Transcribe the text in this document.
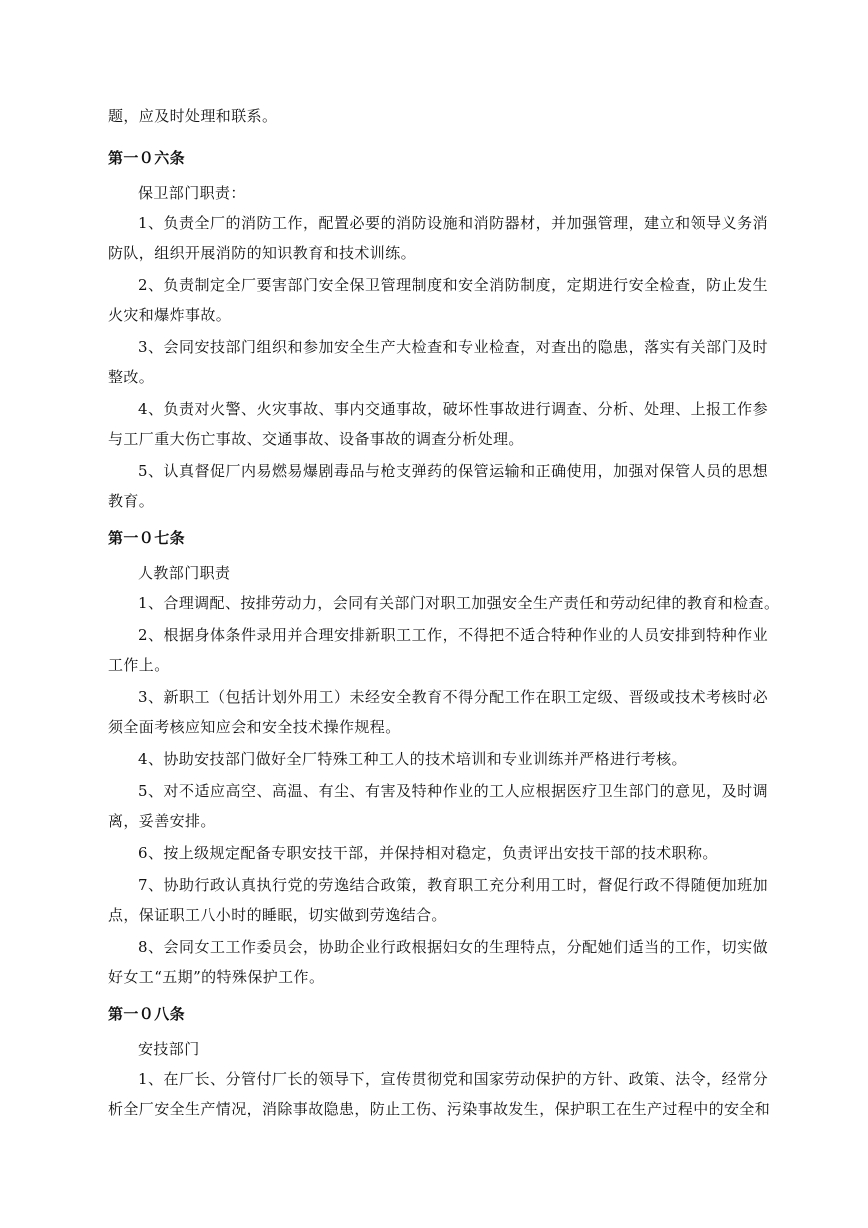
题，应及时处理和联系。
第一０六条
保卫部门职责：
1、负责全厂的消防工作，配置必要的消防设施和消防器材，并加强管理，建立和领导义务消
防队，组织开展消防的知识教育和技术训练。
2、负责制定全厂要害部门安全保卫管理制度和安全消防制度，定期进行安全检查，防止发生
火灾和爆炸事故。
3、会同安技部门组织和参加安全生产大检查和专业检查，对查出的隐患，落实有关部门及时
整改。
4、负责对火警、火灾事故、事内交通事故，破坏性事故进行调查、分析、处理、上报工作参
与工厂重大伤亡事故、交通事故、设备事故的调查分析处理。
5、认真督促厂内易燃易爆剧毒品与枪支弹药的保管运输和正确使用，加强对保管人员的思想
教育。
第一０七条
人教部门职责
1、合理调配、按排劳动力，会同有关部门对职工加强安全生产责任和劳动纪律的教育和检查。
2、根据身体条件录用并合理安排新职工工作，不得把不适合特种作业的人员安排到特种作业
工作上。
3、新职工（包括计划外用工）未经安全教育不得分配工作在职工定级、晋级或技术考核时必
须全面考核应知应会和安全技术操作规程。
4、协助安技部门做好全厂特殊工种工人的技术培训和专业训练并严格进行考核。
5、对不适应高空、高温、有尘、有害及特种作业的工人应根据医疗卫生部门的意见，及时调
离，妥善安排。
6、按上级规定配备专职安技干部，并保持相对稳定，负责评出安技干部的技术职称。
7、协助行政认真执行党的劳逸结合政策，教育职工充分利用工时，督促行政不得随便加班加
点，保证职工八小时的睡眠，切实做到劳逸结合。
8、会同女工工作委员会，协助企业行政根据妇女的生理特点，分配她们适当的工作，切实做
好女工“五期”的特殊保护工作。
第一０八条
安技部门
1、在厂长、分管付厂长的领导下，宣传贯彻党和国家劳动保护的方针、政策、法令，经常分
析全厂安全生产情况，消除事故隐患，防止工伤、污染事故发生，保护职工在生产过程中的安全和
